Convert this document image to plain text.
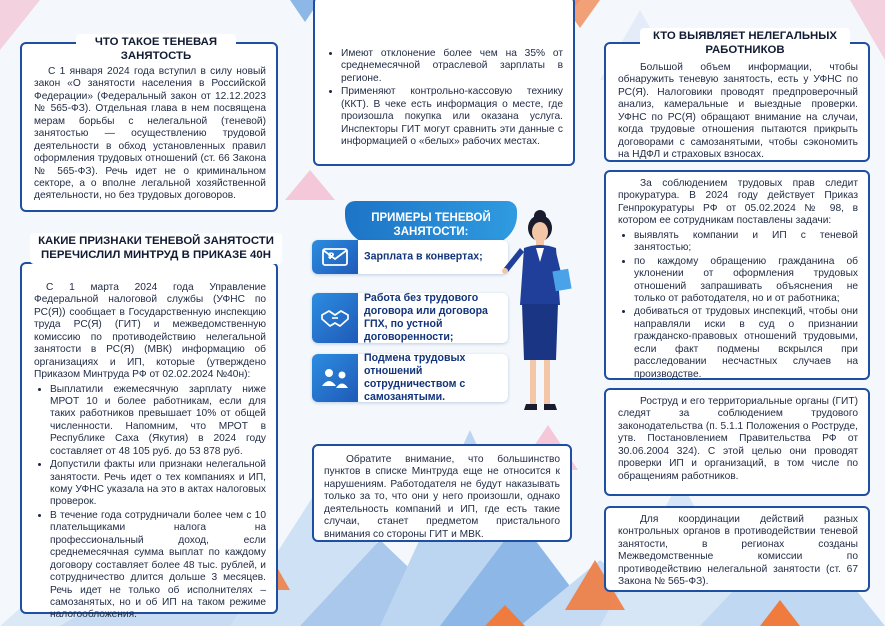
С 1 января 2024 года вступил в силу новый закон «О занятости населения в Российской Федерации» (Федеральный закон от 12.12.2023 № 565-ФЗ). Отдельная глава в нем посвящена мерам борьбы с нелегальной (теневой) занятостью — осуществлению трудовой деятельности в обход установленных правил оформления трудовых отношений (ст. 66 Закона № 565-ФЗ). Речь идет не о криминальном секторе, а о вполне легальной хозяйственной деятельности, но без трудовых договоров.

ЧТО ТАКОЕ ТЕНЕВАЯ ЗАНЯТОСТЬ

С 1 марта 2024 года Управление Федеральной налоговой службы (УФНС по РС(Я)) сообщает в Государственную инспекцию труда РС(Я) (ГИТ) и межведомственную комиссию по противодействию нелегальной занятости в РС(Я) (МВК) информацию об организациях и ИП, которые (утверждено Приказом Минтруда РФ от 02.02.2024 №40н):

• Выплатили ежемесячную зарплату ниже МРОТ 10 и более работникам, если для таких работников превышает 10% от общей численности. Напомним, что МРОТ в Республике Саха (Якутия) в 2024 году составляет от 48 105 руб. до 53 878 руб.
• Допустили факты или признаки нелегальной занятости. Речь идет о тех компаниях и ИП, кому УФНС указала на это в актах налоговых проверок.
• В течение года сотрудничали более чем с 10 плательщиками налога на профессиональный доход, если среднемесячная сумма выплат по каждому договору составляет более 48 тыс. рублей, и сотрудничество длится дольше 3 месяцев. Речь идет не только об исполнителях – самозанятых, но и об ИП на таком режиме налогообложения.
КАКИЕ ПРИЗНАКИ ТЕНЕВОЙ ЗАНЯТОСТИ ПЕРЕЧИСЛИЛ МИНТРУД В ПРИКАЗЕ 40Н
• Имеют отклонение более чем на 35% от среднемесячной отраслевой зарплаты в регионе.
• Применяют контрольно-кассовую технику (ККТ). В чеке есть информация о месте, где произошла покупка или оказана услуга. Инспекторы ГИТ могут сравнить эти данные с информацией о «белых» рабочих местах.
ПРИМЕРЫ ТЕНЕВОЙ ЗАНЯТОСТИ:
₽	Зарплата в конвертах;
Работа без трудового договора или договора ГПХ, по устной договоренности;
Подмена трудовых отношений сотрудничеством с самозанятыми.

Обратите внимание, что большинство пунктов в списке Минтруда еще не относится к нарушениям. Работодателя не будут наказывать только за то, что они у него произошли, однако деятельность компаний и ИП, где есть такие случаи, станет предметом пристального внимания со стороны ГИТ и МВК.

Большой объем информации, чтобы обнаружить теневую занятость, есть у УФНС по РС(Я). Налоговики проводят предпроверочный анализ, камеральные и выездные проверки. УФНС по РС(Я) обращают внимание на случаи, когда трудовые отношения пытаются прикрыть договорами с самозанятыми, чтобы сэкономить на НДФЛ и страховых взносах.

КТО ВЫЯВЛЯЕТ НЕЛЕГАЛЬНЫХ РАБОТНИКОВ

За соблюдением трудовых прав следит прокуратура. В 2024 году действует Приказ Генпрокуратуры РФ от 05.02.2024 № 98, в котором ее сотрудникам поставлены задачи:

• выявлять компании и ИП с теневой занятостью;
• по каждому обращению гражданина об уклонении от оформления трудовых отношений запрашивать объяснения не только от работодателя, но и от работника;
• добиваться от трудовых инспекций, чтобы они направляли иски в суд о признании гражданско-правовых отношений трудовыми, если факт подмены вскрылся при расследовании несчастных случаев на производстве.

Роструд и его территориальные органы (ГИТ) следят за соблюдением трудового законодательства (п. 5.1.1 Положения о Роструде, утв. Постановлением Правительства РФ от 30.06.2004 324). С этой целью они проводят проверки ИП и организаций, в том числе по обращениям работников.

Для координации действий разных контрольных органов в противодействии теневой занятости, в регионах созданы Межведомственные комиссии по противодействию нелегальной занятости (ст. 67 Закона № 565-ФЗ).
